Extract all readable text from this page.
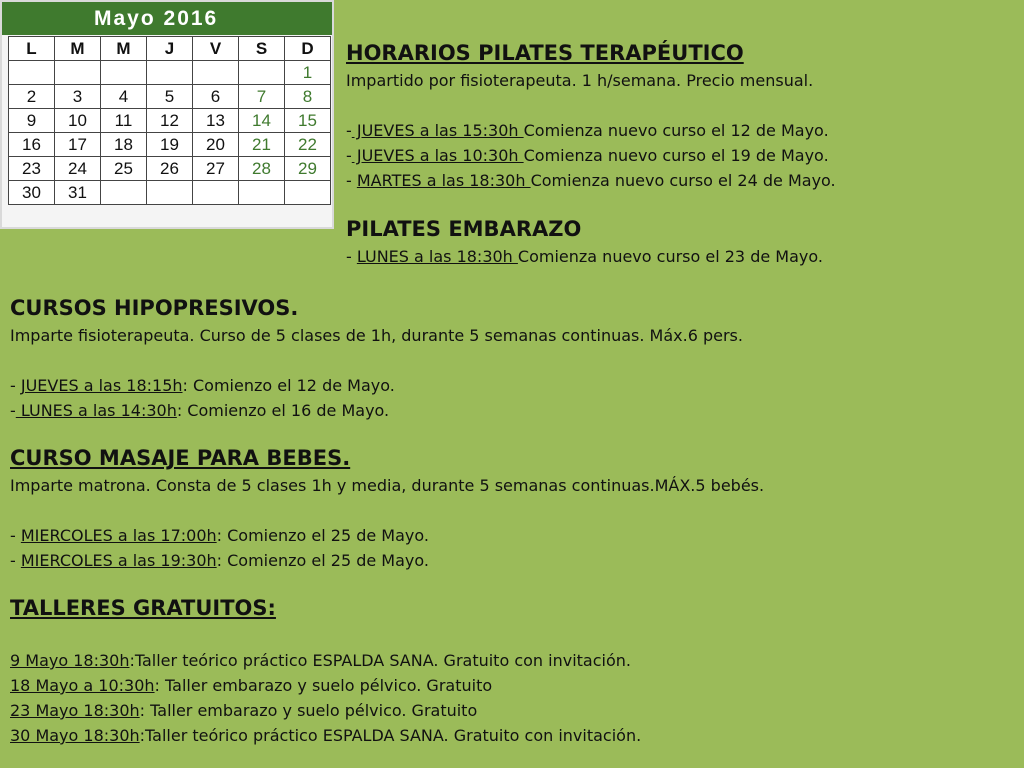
Mayo 2016
L	M	M	J	V	S	D
						1
2	3	4	5	6	7	8
9	10	11	12	13	14	15
16	17	18	19	20	21	22
23	24	25	26	27	28	29
30	31					
HORARIOS PILATES TERAPÉUTICO
Impartido por fisioterapeuta. 1 h/semana. Precio mensual.
- JUEVES a las 15:30h Comienza nuevo curso el 12 de Mayo.
- JUEVES a las 10:30h Comienza nuevo curso el 19 de Mayo.
- MARTES a las 18:30h Comienza nuevo curso el 24 de Mayo.
PILATES EMBARAZO
- LUNES a las 18:30h Comienza nuevo curso el 23 de Mayo.
CURSOS HIPOPRESIVOS.
Imparte fisioterapeuta. Curso de 5 clases de 1h, durante 5 semanas continuas. Máx.6 pers.
- JUEVES a las 18:15h: Comienzo el 12 de Mayo.
- LUNES a las 14:30h: Comienzo el 16 de Mayo.
CURSO MASAJE PARA BEBES.
Imparte matrona. Consta de 5 clases 1h y media, durante 5 semanas continuas.MÁX.5 bebés.
- MIERCOLES a las 17:00h: Comienzo el 25 de Mayo.
- MIERCOLES a las 19:30h: Comienzo el 25 de Mayo.
TALLERES GRATUITOS:
9 Mayo 18:30h:Taller teórico práctico ESPALDA SANA. Gratuito con invitación.
18 Mayo a 10:30h: Taller embarazo y suelo pélvico. Gratuito
23 Mayo 18:30h: Taller embarazo y suelo pélvico. Gratuito
30 Mayo 18:30h:Taller teórico práctico ESPALDA SANA. Gratuito con invitación.
